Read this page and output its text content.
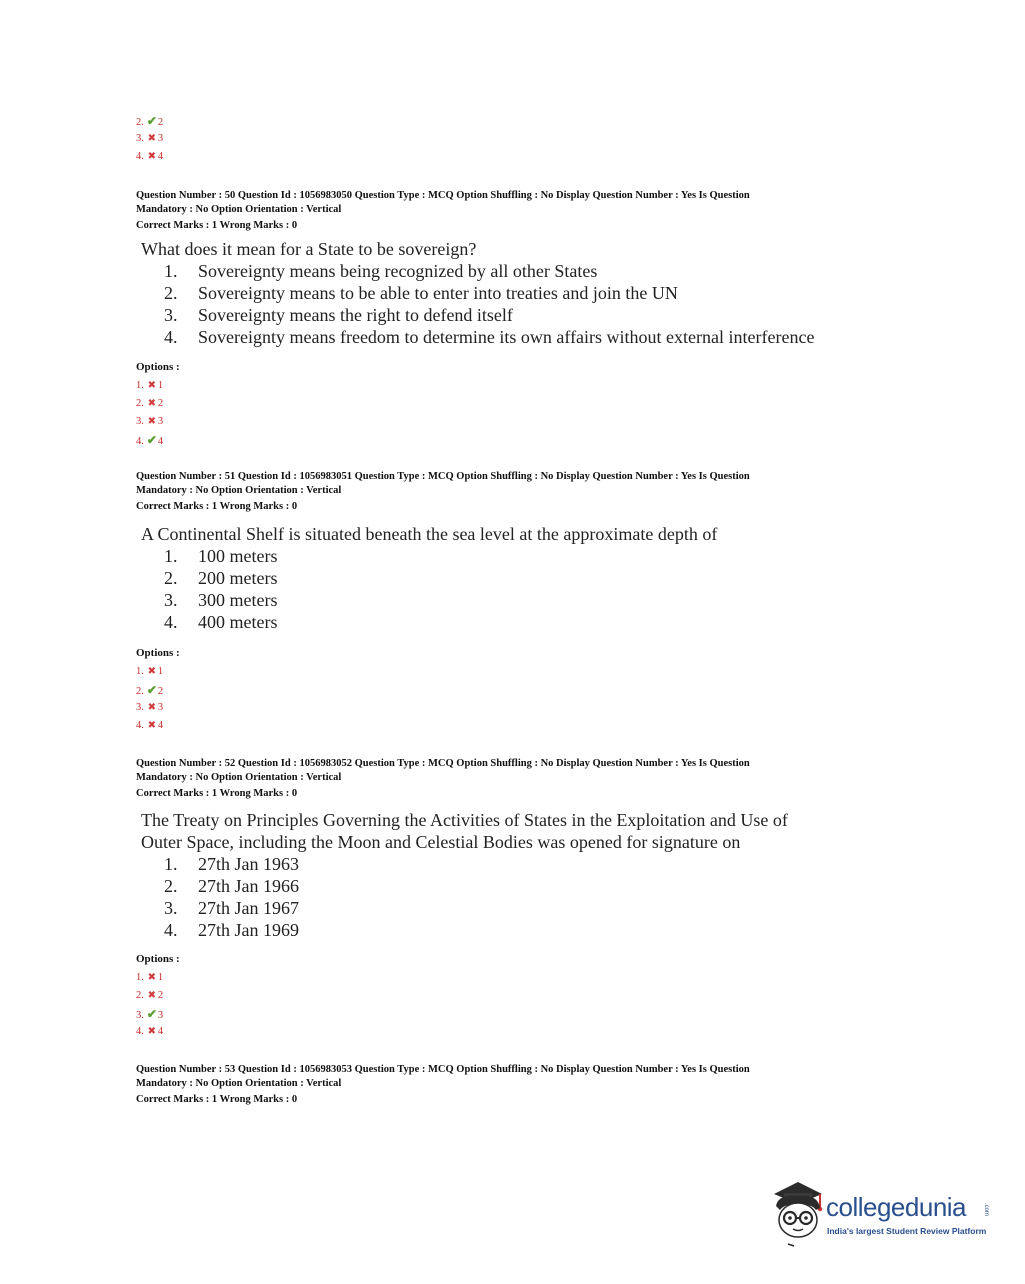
2. ✔2
3. ✖ 3
4. ✖ 4
Question Number : 50 Question Id : 1056983050 Question Type : MCQ Option Shuffling : No Display Question Number : Yes Is Question
Mandatory : No Option Orientation : Vertical
Correct Marks : 1 Wrong Marks : 0
What does it mean for a State to be sovereign?
1.	Sovereignty means being recognized by all other States
2.	Sovereignty means to be able to enter into treaties and join the UN
3.	Sovereignty means the right to defend itself
4.	Sovereignty means freedom to determine its own affairs without external interference
Options :
1. ✖ 1
2. ✖ 2
3. ✖ 3
4. ✔4
Question Number : 51 Question Id : 1056983051 Question Type : MCQ Option Shuffling : No Display Question Number : Yes Is Question
Mandatory : No Option Orientation : Vertical
Correct Marks : 1 Wrong Marks : 0
A Continental Shelf is situated beneath the sea level at the approximate depth of
1.	100 meters
2.	200 meters
3.	300 meters
4.	400 meters
Options :
1. ✖ 1
2. ✔2
3. ✖ 3
4. ✖ 4
Question Number : 52 Question Id : 1056983052 Question Type : MCQ Option Shuffling : No Display Question Number : Yes Is Question
Mandatory : No Option Orientation : Vertical
Correct Marks : 1 Wrong Marks : 0
The Treaty on Principles Governing the Activities of States in the Exploitation and Use of
Outer Space, including the Moon and Celestial Bodies was opened for signature on
1.	27th Jan 1963
2.	27th Jan 1966
3.	27th Jan 1967
4.	27th Jan 1969
Options :
1. ✖ 1
2. ✖ 2
3. ✔3
4. ✖ 4
Question Number : 53 Question Id : 1056983053 Question Type : MCQ Option Shuffling : No Display Question Number : Yes Is Question
Mandatory : No Option Orientation : Vertical
Correct Marks : 1 Wrong Marks : 0
collegedunia	.com
India's largest Student Review Platform
